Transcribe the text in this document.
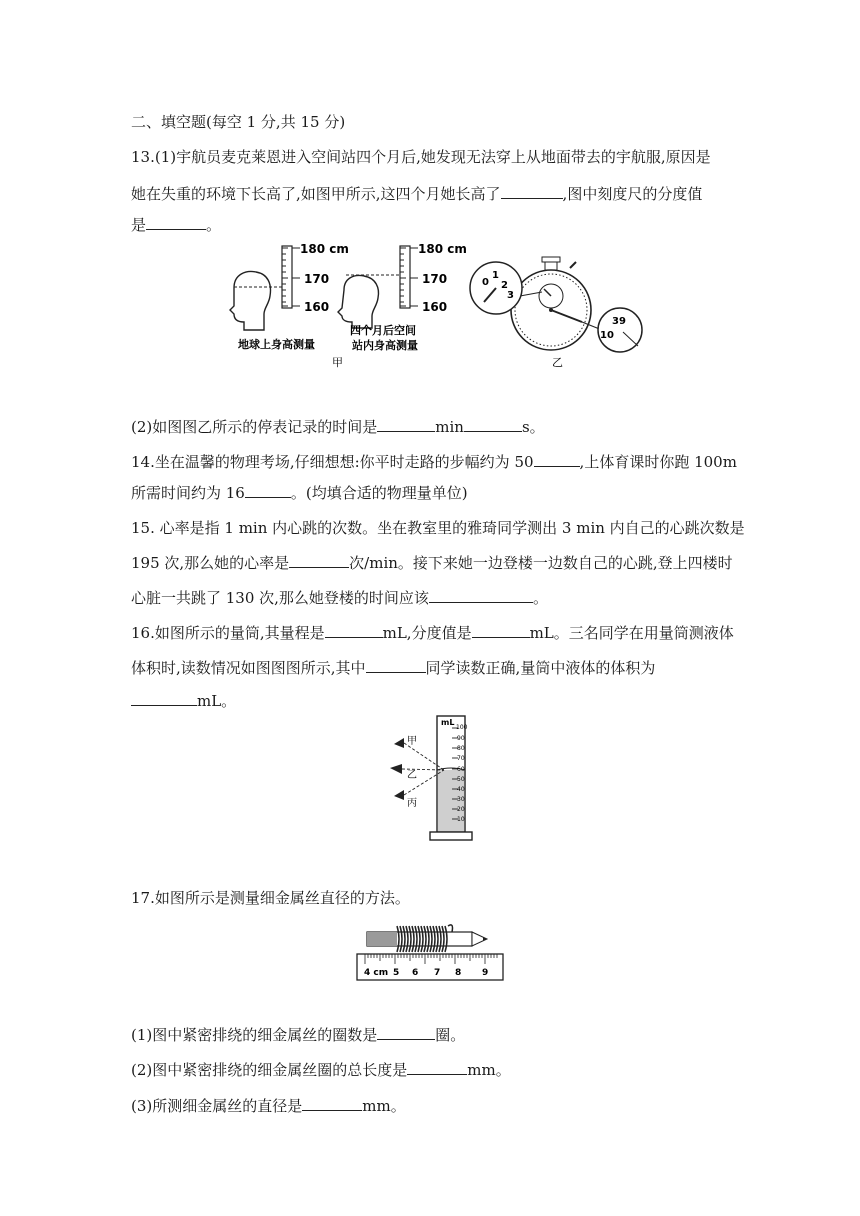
二、填空题(每空 1 分,共 15 分)
13.(1)宇航员麦克莱恩进入空间站四个月后,她发现无法穿上从地面带去的宇航服,原因是
她在失重的环境下长高了,如图甲所示,这四个月她长高了	,图中刻度尺的分度值
是	。
180 cm
170
160
地球上身高测量
180 cm
170
160
四个月后空间
站内身高测量
甲
0
1
2
3
39
10
乙
(2)如图图乙所示的停表记录的时间是	min	s。
14.坐在温馨的物理考场,仔细想想:你平时走路的步幅约为 50	,上体育课时你跑 100m
所需时间约为 16	。(均填合适的物理量单位)
15. 心率是指 1 min 内心跳的次数。坐在教室里的雅琦同学测出 3 min 内自己的心跳次数是
195 次,那么她的心率是	次/min。接下来她一边登楼一边数自己的心跳,登上四楼时
心脏一共跳了 130 次,那么她登楼的时间应该	。
16.如图所示的量筒,其量程是	mL,分度值是	mL。三名同学在用量筒测液体
体积时,读数情况如图图图所示,其中	同学读数正确,量筒中液体的体积为
mL。
mL
100
90
80
70
60
50
40
30
20
10
甲
乙
丙
17.如图所示是测量细金属丝直径的方法。
4 cm 5 6 7 8 9
(1)图中紧密排绕的细金属丝的圈数是	圈。
(2)图中紧密排绕的细金属丝圈的总长度是	mm。
(3)所测细金属丝的直径是	mm。
